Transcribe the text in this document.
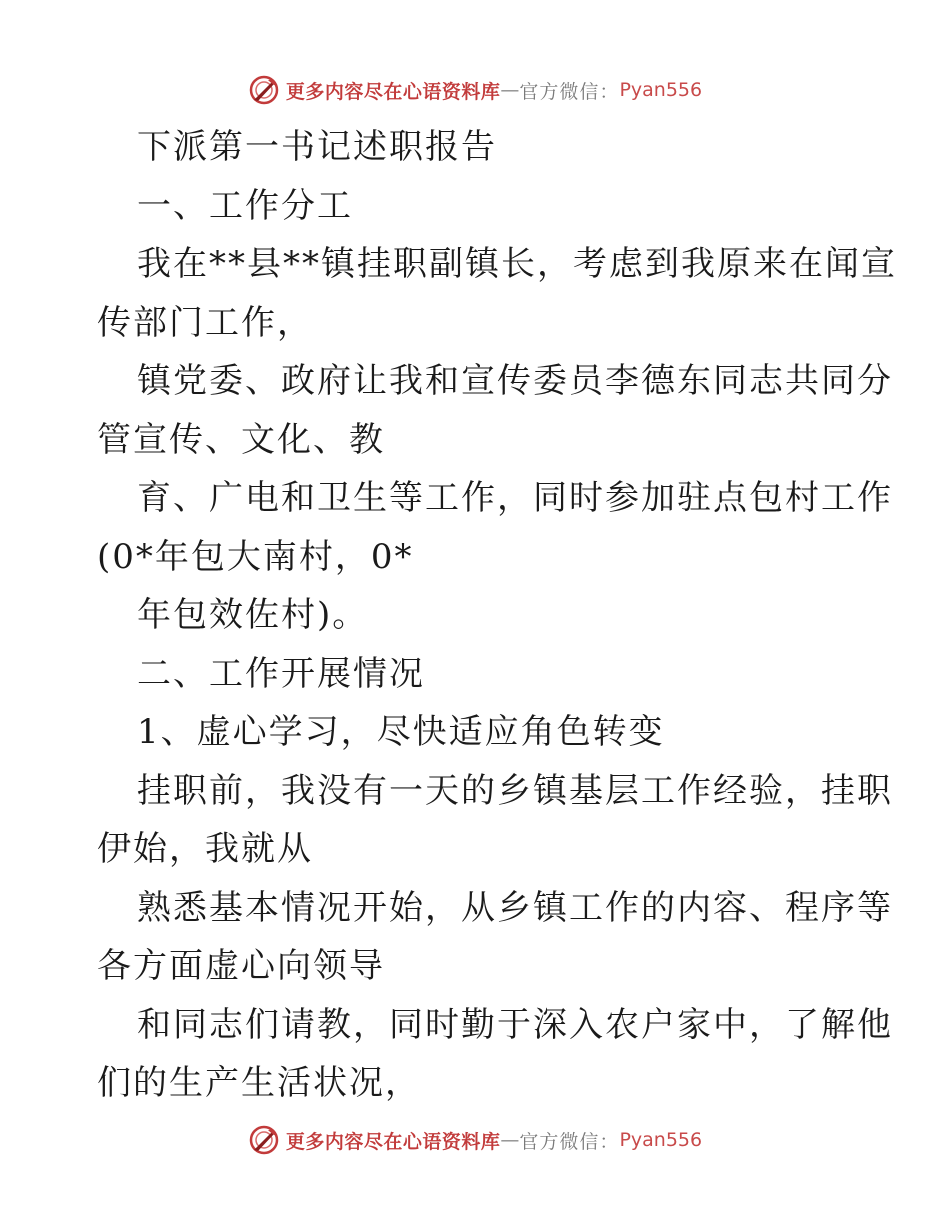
更多内容尽在心语资料库 — 官方微信： Pyan556
下派第一书记述职报告
一、工作分工
我在**县**镇挂职副镇长，考虑到我原来在闻宣
传部门工作，
镇党委、政府让我和宣传委员李德东同志共同分
管宣传、文化、教
育、广电和卫生等工作，同时参加驻点包村工作
(0*年包大南村，0*
年包效佐村)。
二、工作开展情况
1、虚心学习，尽快适应角色转变
挂职前，我没有一天的乡镇基层工作经验，挂职
伊始，我就从
熟悉基本情况开始，从乡镇工作的内容、程序等
各方面虚心向领导
和同志们请教，同时勤于深入农户家中，了解他
们的生产生活状况，
更多内容尽在心语资料库 — 官方微信： Pyan556
